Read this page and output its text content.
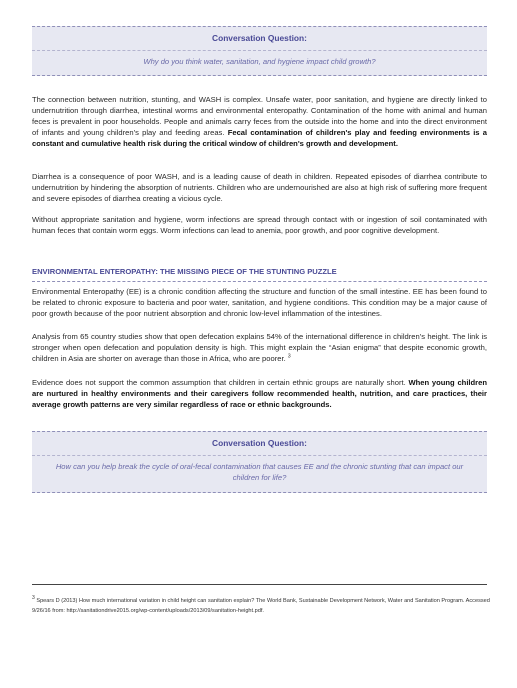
Conversation Question:
Why do you think water, sanitation, and hygiene impact child growth?

The connection between nutrition, stunting, and WASH is complex. Unsafe water, poor sanitation, and hygiene are directly linked to undernutrition through diarrhea, intestinal worms and environmental enteropathy. Contamination of the home with animal and human feces is prevalent in poor households. People and animals carry feces from the outside into the home and into the direct environment of infants and young children's play and feeding areas. Fecal contamination of children's play and feeding environments is a constant and cumulative health risk during the critical window of children's growth and development.

Diarrhea is a consequence of poor WASH, and is a leading cause of death in children. Repeated episodes of diarrhea contribute to undernutrition by hindering the absorption of nutrients. Children who are undernourished are also at high risk of suffering more frequent and severe episodes of diarrhea creating a vicious cycle.

Without appropriate sanitation and hygiene, worm infections are spread through contact with or ingestion of soil contaminated with human feces that contain worm eggs. Worm infections can lead to anemia, poor growth, and poor cognitive development.

ENVIRONMENTAL ENTEROPATHY: THE MISSING PIECE OF THE STUNTING PUZZLE

Environmental Enteropathy (EE) is a chronic condition affecting the structure and function of the small intestine. EE has been found to be related to chronic exposure to bacteria and poor water, sanitation, and hygiene conditions. This condition may be a major cause of poor growth because of the poor nutrient absorption and chronic low-level inflammation of the intestines.

Analysis from 65 country studies show that open defecation explains 54% of the international difference in children's height. The link is stronger when open defecation and population density is high. This might explain the “Asian enigma” that despite economic growth, children in Asia are shorter on average than those in Africa, who are poorer. $^3$

Evidence does not support the common assumption that children in certain ethnic groups are naturally short. When young children are nurtured in healthy environments and their caregivers follow recommended health, nutrition, and care practices, their average growth patterns are very similar regardless of race or ethnic backgrounds.

Conversation Question:
How can you help break the cycle of oral-fecal contamination that causes EE and the chronic stunting that can impact our children for life?

$^3$ Spears D (2013) How much international variation in child height can sanitation explain? The World Bank, Sustainable Development Network, Water and Sanitation Program. Accessed 9/26/16 from: http://sanitationdrive2015.org/wp-content/uploads/2013/09/sanitation-height.pdf.
